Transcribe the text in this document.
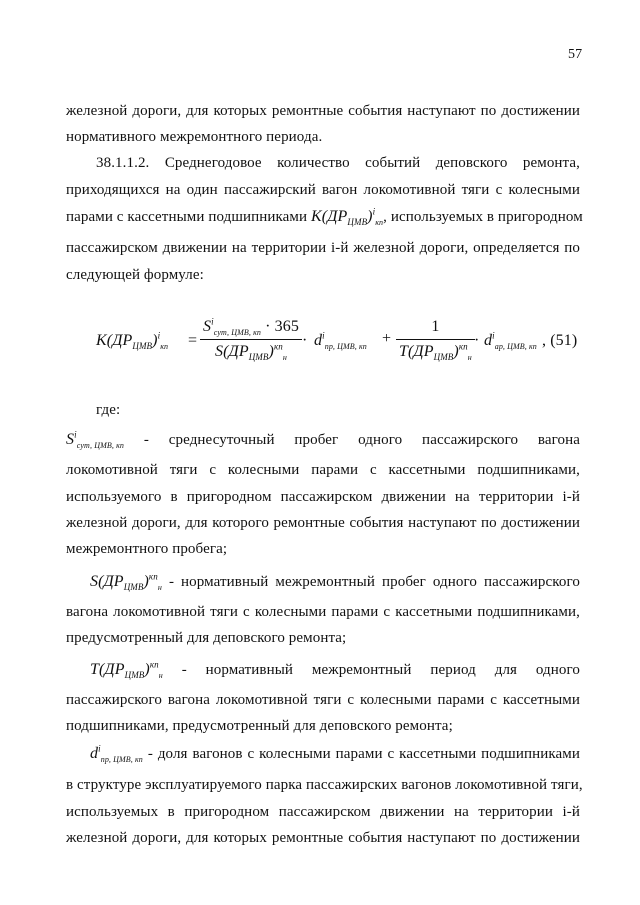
57
железной дороги, для которых ремонтные события наступают по достижении
нормативного межремонтного периода.
38.1.1.2. Среднегодовое количество событий деповского ремонта,
приходящихся на один пассажирский вагон локомотивной тяги с колесными
парами с кассетными подшипниками $K(ДР_{ЦМВ})^i_{кп}$, используемых в пригородном
пассажирском движении на территории i-й железной дороги, определяется по
следующей формуле:
$K(ДР_{ЦМВ})^i_{кп} = \frac{S^i_{сут, ЦМВ, кп} \cdot 365}{S(ДР_{ЦМВ})^{кп}_н} \cdot d^i_{пр, ЦМВ, кп} + \frac{1}{T(ДР_{ЦМВ})^{кп}_н} \cdot d^i_{ар, ЦМВ, кп}$ , (51)
где:
$S^i_{сут, ЦМВ, кп}$ - среднесуточный пробег одного пассажирского вагона
локомотивной тяги с колесными парами с кассетными подшипниками,
используемого в пригородном пассажирском движении на территории i-й
железной дороги, для которого ремонтные события наступают по достижении
межремонтного пробега;
$S(ДР_{ЦМВ})^{кп}_н$ - нормативный межремонтный пробег одного пассажирского
вагона локомотивной тяги с колесными парами с кассетными подшипниками,
предусмотренный для деповского ремонта;
$T(ДР_{ЦМВ})^{кп}_н$ - нормативный межремонтный период для одного
пассажирского вагона локомотивной тяги с колесными парами с кассетными
подшипниками, предусмотренный для деповского ремонта;
$d^i_{пр, ЦМВ, кп}$ - доля вагонов с колесными парами с кассетными подшипниками
в структуре эксплуатируемого парка пассажирских вагонов локомотивной тяги,
используемых в пригородном пассажирском движении на территории i-й
железной дороги, для которых ремонтные события наступают по достижении
